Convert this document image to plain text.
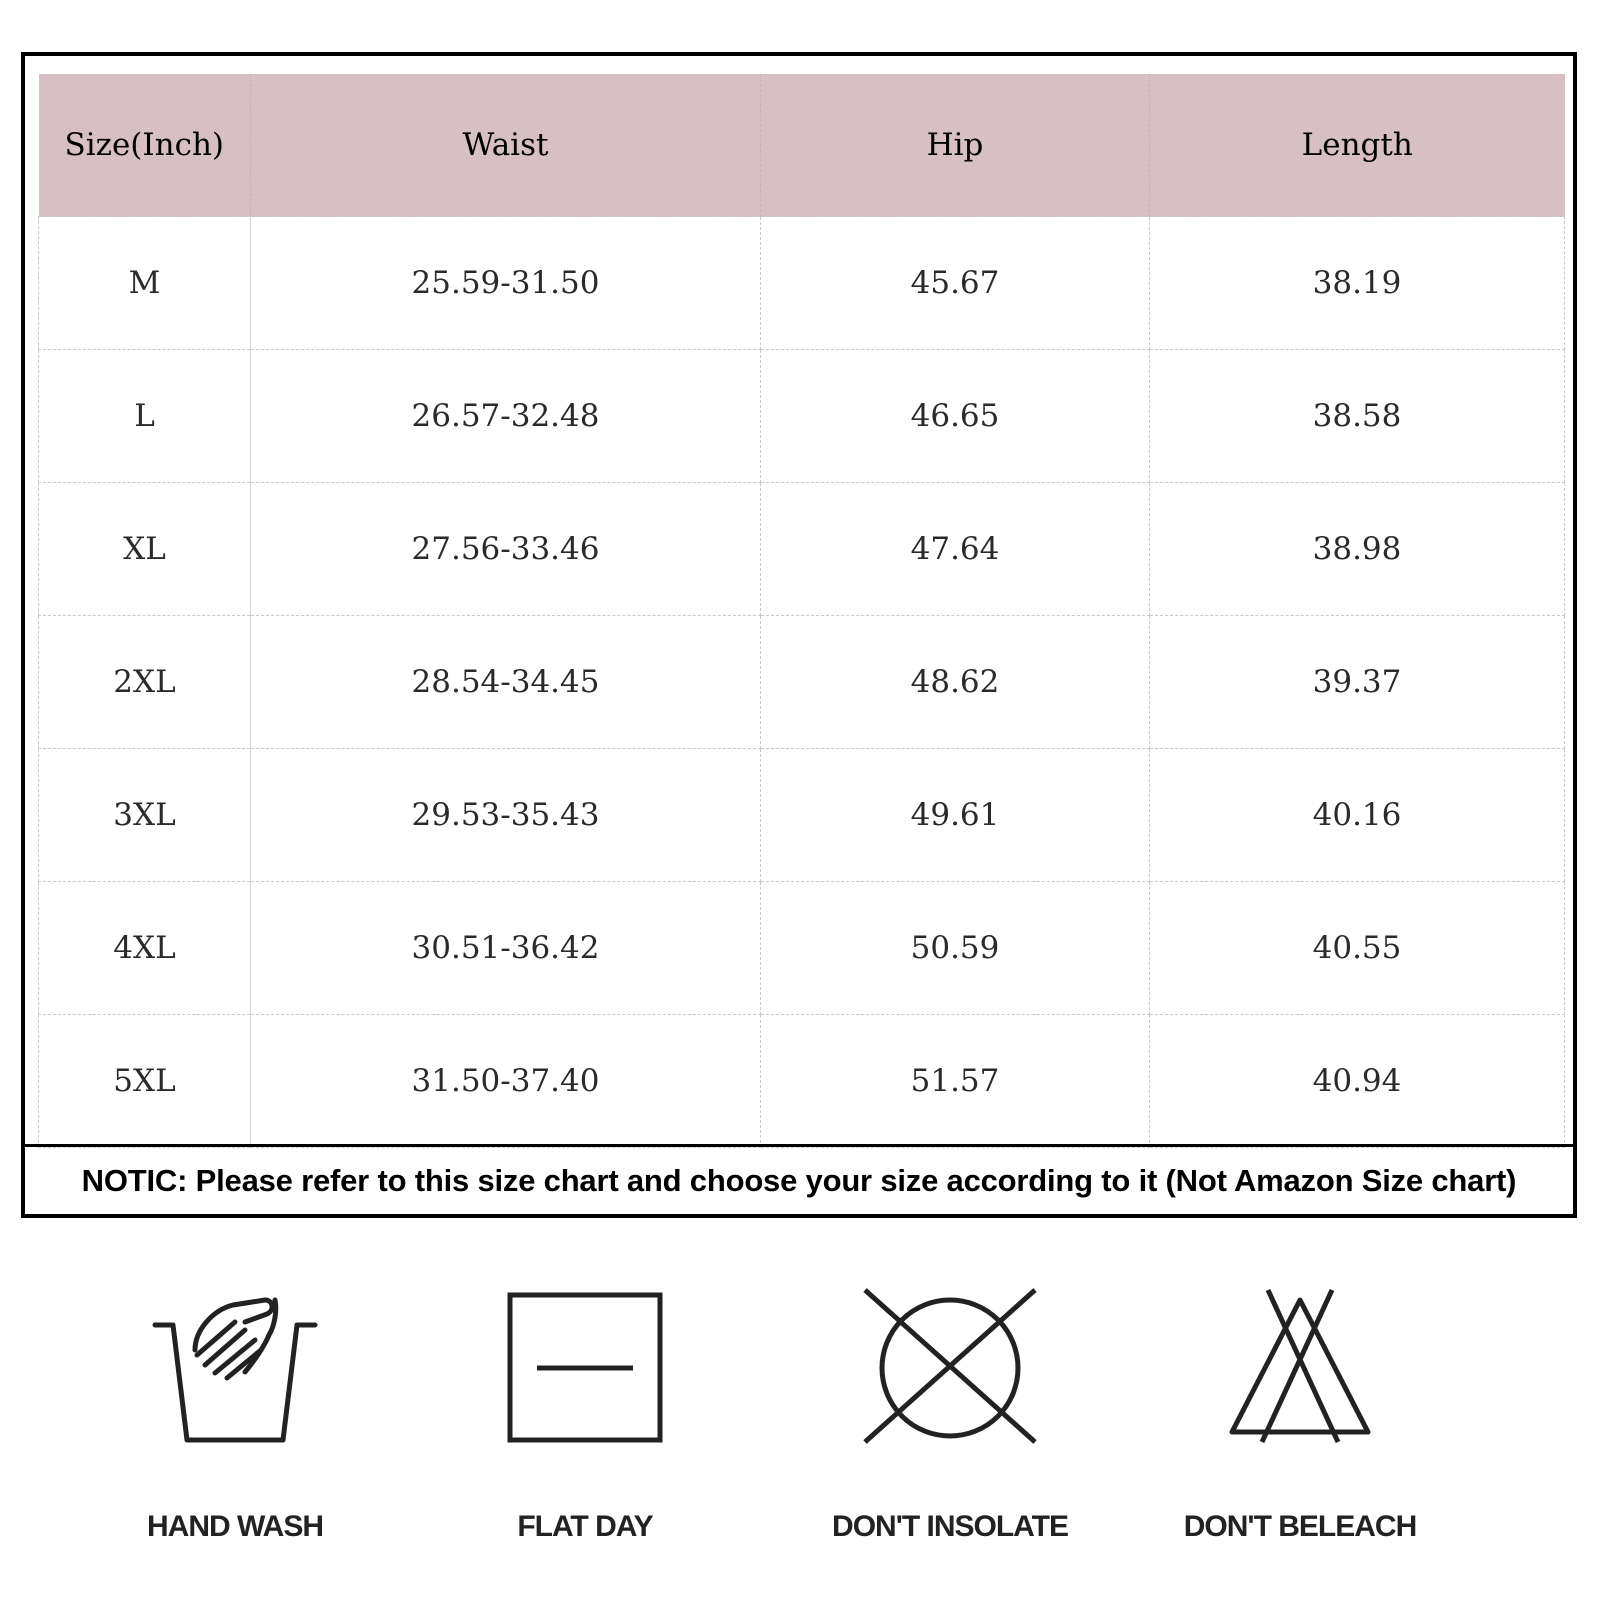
Size(Inch)	Waist	Hip	Length
M	25.59-31.50	45.67	38.19
L	26.57-32.48	46.65	38.58
XL	27.56-33.46	47.64	38.98
2XL	28.54-34.45	48.62	39.37
3XL	29.53-35.43	49.61	40.16
4XL	30.51-36.42	50.59	40.55
5XL	31.50-37.40	51.57	40.94
NOTIC: Please refer to this size chart and choose your size according to it (Not Amazon Size chart)
HAND WASH	FLAT DAY	DON'T INSOLATE	DON'T BELEACH
